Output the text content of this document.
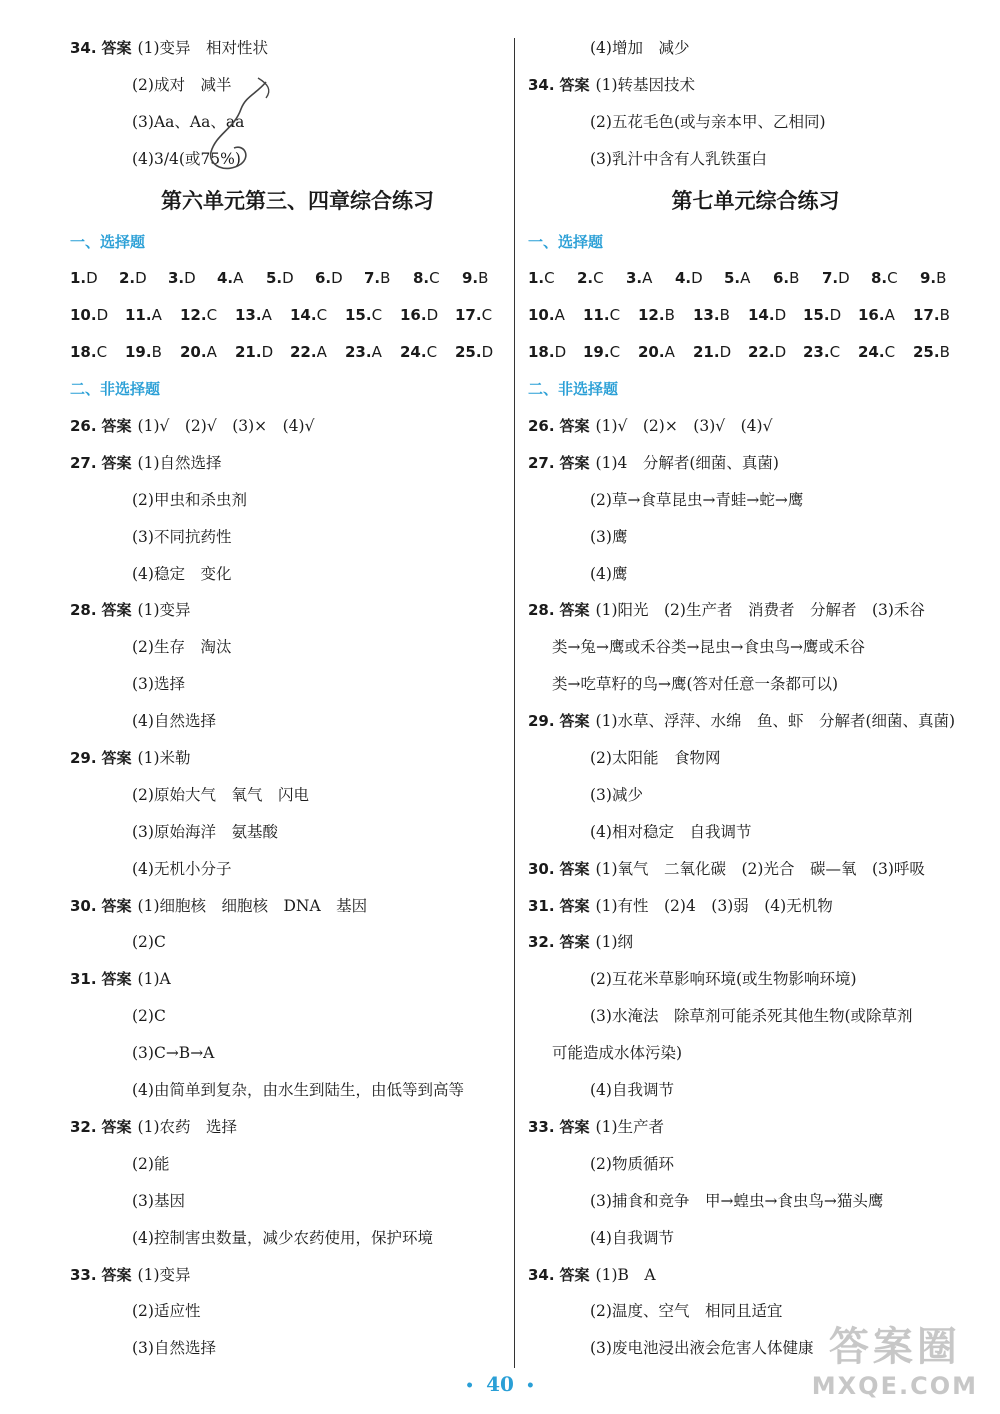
34. 答案 (1)变异　相对性状
(2)成对　减半
(3)Aa、Aa、aa
(4)3/4(或75%)
第六单元第三、四章综合练习
一、选择题
1.D	2.D	3.D	4.A	5.D	6.D	7.B	8.C	9.B
10.D	11.A	12.C	13.A	14.C	15.C	16.D	17.C
18.C	19.B	20.A	21.D	22.A	23.A	24.C	25.D
二、非选择题
26. 答案 (1)√　(2)√　(3)×　(4)√
27. 答案 (1)自然选择
(2)甲虫和杀虫剂
(3)不同抗药性
(4)稳定　变化
28. 答案 (1)变异
(2)生存　淘汰
(3)选择
(4)自然选择
29. 答案 (1)米勒
(2)原始大气　氧气　闪电
(3)原始海洋　氨基酸
(4)无机小分子
30. 答案 (1)细胞核　细胞核　DNA　基因
(2)C
31. 答案 (1)A
(2)C
(3)C→B→A
(4)由简单到复杂，由水生到陆生，由低等到高等
32. 答案 (1)农药　选择
(2)能
(3)基因
(4)控制害虫数量，减少农药使用，保护环境
33. 答案 (1)变异
(2)适应性
(3)自然选择
(4)增加　减少
34. 答案 (1)转基因技术
(2)五花毛色(或与亲本甲、乙相同)
(3)乳汁中含有人乳铁蛋白
第七单元综合练习
一、选择题
1.C	2.C	3.A	4.D	5.A	6.B	7.D	8.C	9.B
10.A	11.C	12.B	13.B	14.D	15.D	16.A	17.B
18.D	19.C	20.A	21.D	22.D	23.C	24.C	25.B
二、非选择题
26. 答案 (1)√　(2)×　(3)√　(4)√
27. 答案 (1)4　分解者(细菌、真菌)
(2)草→食草昆虫→青蛙→蛇→鹰
(3)鹰
(4)鹰
28. 答案 (1)阳光　(2)生产者　消费者　分解者　(3)禾谷
类→兔→鹰或禾谷类→昆虫→食虫鸟→鹰或禾谷
类→吃草籽的鸟→鹰(答对任意一条都可以)
29. 答案 (1)水草、浮萍、水绵　鱼、虾　分解者(细菌、真菌)
(2)太阳能　食物网
(3)减少
(4)相对稳定　自我调节
30. 答案 (1)氧气　二氧化碳　(2)光合　碳—氧　(3)呼吸
31. 答案 (1)有性　(2)4　(3)弱　(4)无机物
32. 答案 (1)纲
(2)互花米草影响环境(或生物影响环境)
(3)水淹法　除草剂可能杀死其他生物(或除草剂
可能造成水体污染)
(4)自我调节
33. 答案 (1)生产者
(2)物质循环
(3)捕食和竞争　甲→蝗虫→食虫鸟→猫头鹰
(4)自我调节
34. 答案 (1)B　A
(2)温度、空气　相同且适宜
(3)废电池浸出液会危害人体健康
• 40 •
答案圈
MXQE.COM
